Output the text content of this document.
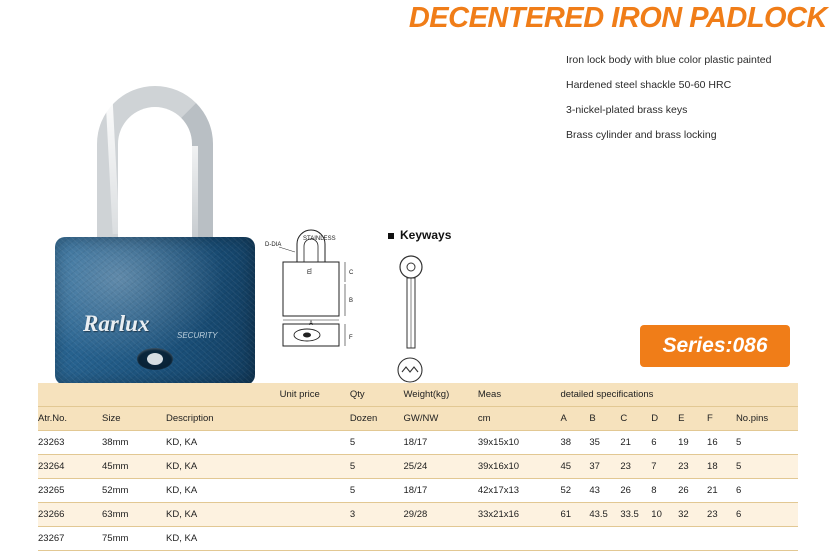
DECENTERED IRON PADLOCK
Iron lock body with blue color plastic painted
Hardened steel shackle 50-60 HRC
3-nickel-plated brass keys
Brass cylinder and brass locking
Series:086
Rarlux	SECURITY
D-DIA
STAINLESS
E	C
B
A
F
Keyways
			Unit price	Qty	Weight(kg)	Meas	detailed specifications						
Atr.No.	Size	Description		Dozen	GW/NW	cm	A	B	C	D	E	F	No.pins
23263	38mm	KD, KA		5	18/17	39x15x10	38	35	21	6	19	16	5
23264	45mm	KD, KA		5	25/24	39x16x10	45	37	23	7	23	18	5
23265	52mm	KD, KA		5	18/17	42x17x13	52	43	26	8	26	21	6
23266	63mm	KD, KA		3	29/28	33x21x16	61	43.5	33.5	10	32	23	6
23267	75mm	KD, KA											
